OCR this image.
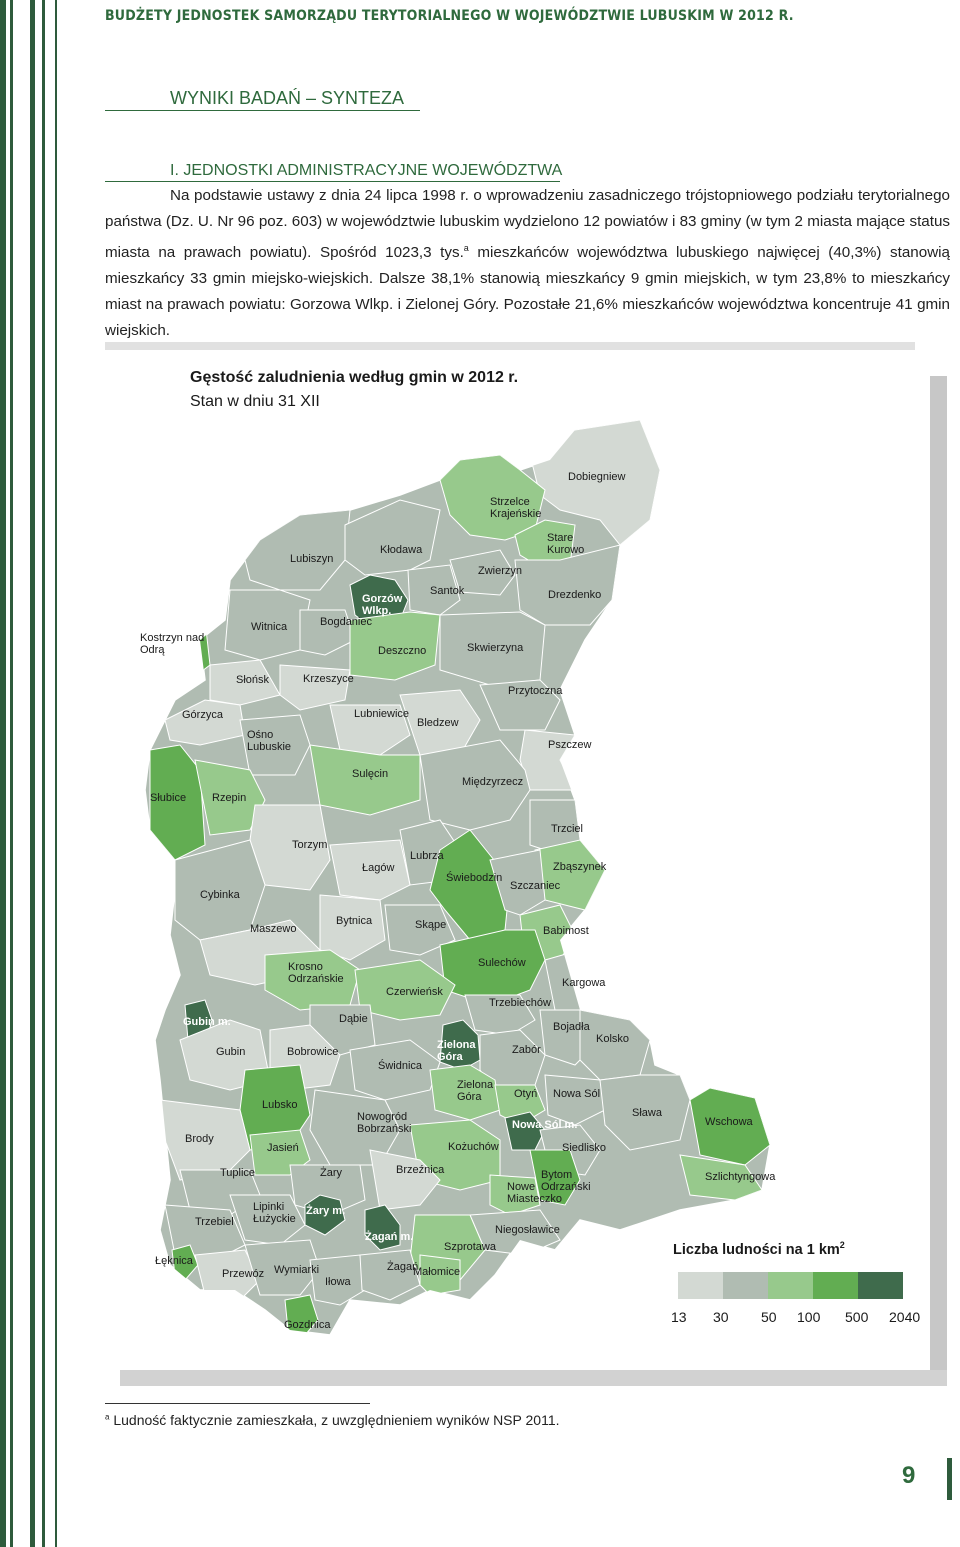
BUDŻETY JEDNOSTEK SAMORZĄDU TERYTORIALNEGO W WOJEWÓDZTWIE LUBUSKIM W 2012 R.
WYNIKI BADAŃ – SYNTEZA
I. JEDNOSTKI ADMINISTRACYJNE WOJEWÓDZTWA
Na podstawie ustawy z dnia 24 lipca 1998 r. o wprowadzeniu zasadniczego trójstopniowego podziału terytorialnego państwa (Dz. U. Nr 96 poz. 603) w województwie lubuskim wydzielono 12 powiatów i 83 gminy (w tym 2 miasta mające status miasta na prawach powiatu). Spośród 1023,3 tys.$^a$ mieszkańców województwa lubuskiego najwięcej (40,3%) stanowią mieszkańcy 33 gmin miejsko-wiejskich. Dalsze 38,1% stanowią mieszkańcy 9 gmin miejskich, w tym 23,8% to mieszkańcy miast na prawach powiatu: Gorzowa Wlkp. i Zielonej Góry. Pozostałe 21,6% mieszkańców województwa koncentruje 41 gmin wiejskich.
Gęstość zaludnienia według gmin w 2012 r.
Stan w dniu 31 XII
Dobiegniew
Strzelce Krajeńskie
Stare Kurowo
Lubiszyn
Kłodawa
Zwierzyn
Gorzów Wlkp.
Santok	Drezdenko
Kostrzyn nad Odrą
Witnica	Bogdaniec
Deszczno	Skwierzyna
Słońsk	Krzeszyce
Przytoczna
Górzyca	Lubniewice
Bledzew
Ośno Lubuskie	Pszczew
Sulęcin
Międzyrzecz
Słubice Rzepin
Trzciel
Torzym
Zbąszynek
Lubrza
Łagów
Świebodzin
Szczaniec
Cybinka
Bytnica	Skąpe	Babimost
Maszewo
Krosno Odrzańskie
Sulechów
Kargowa
Czerwieńsk
Trzebiechów
Gubin m.	Dąbie
Zielona Góra
Bojadła
Gubin	Bobrowice	Zabór
Kolsko
Świdnica
Zielona Góra	Otyń Nowa Sól
Lubsko
Nowogród Bobrzański
Sława
Wschowa
Nowa Sól m.
Brody
Jasień	Kożuchów	Siedlisko
Tuplice	Żary	Brzeźnica	Bytom Odrzański
Szlichtyngowa
Nowe Miasteczko
Lipinki Łużyckie
Żary m.
Trzebiel
Żagań m.
Niegosławice
Szprotawa
Łęknica
Przewóz Wymiarki
Iłowa
Żagań
Małomice
Gozdnica
Liczba ludności na 1 $km^2$
13 30 50 100 500 2040
$^a$ Ludność faktycznie zamieszkała, z uwzględnieniem wyników NSP 2011.
9
